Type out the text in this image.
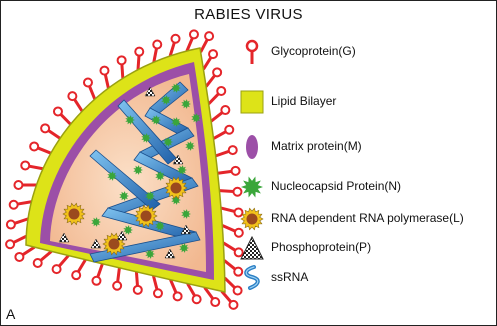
RABIES VIRUS
Glycoprotein(G)
Lipid Bilayer
Matrix protein(M)
Nucleocapsid Protein(N)
RNA dependent RNA polymerase(L)
Phosphoprotein(P)
ssRNA
A
